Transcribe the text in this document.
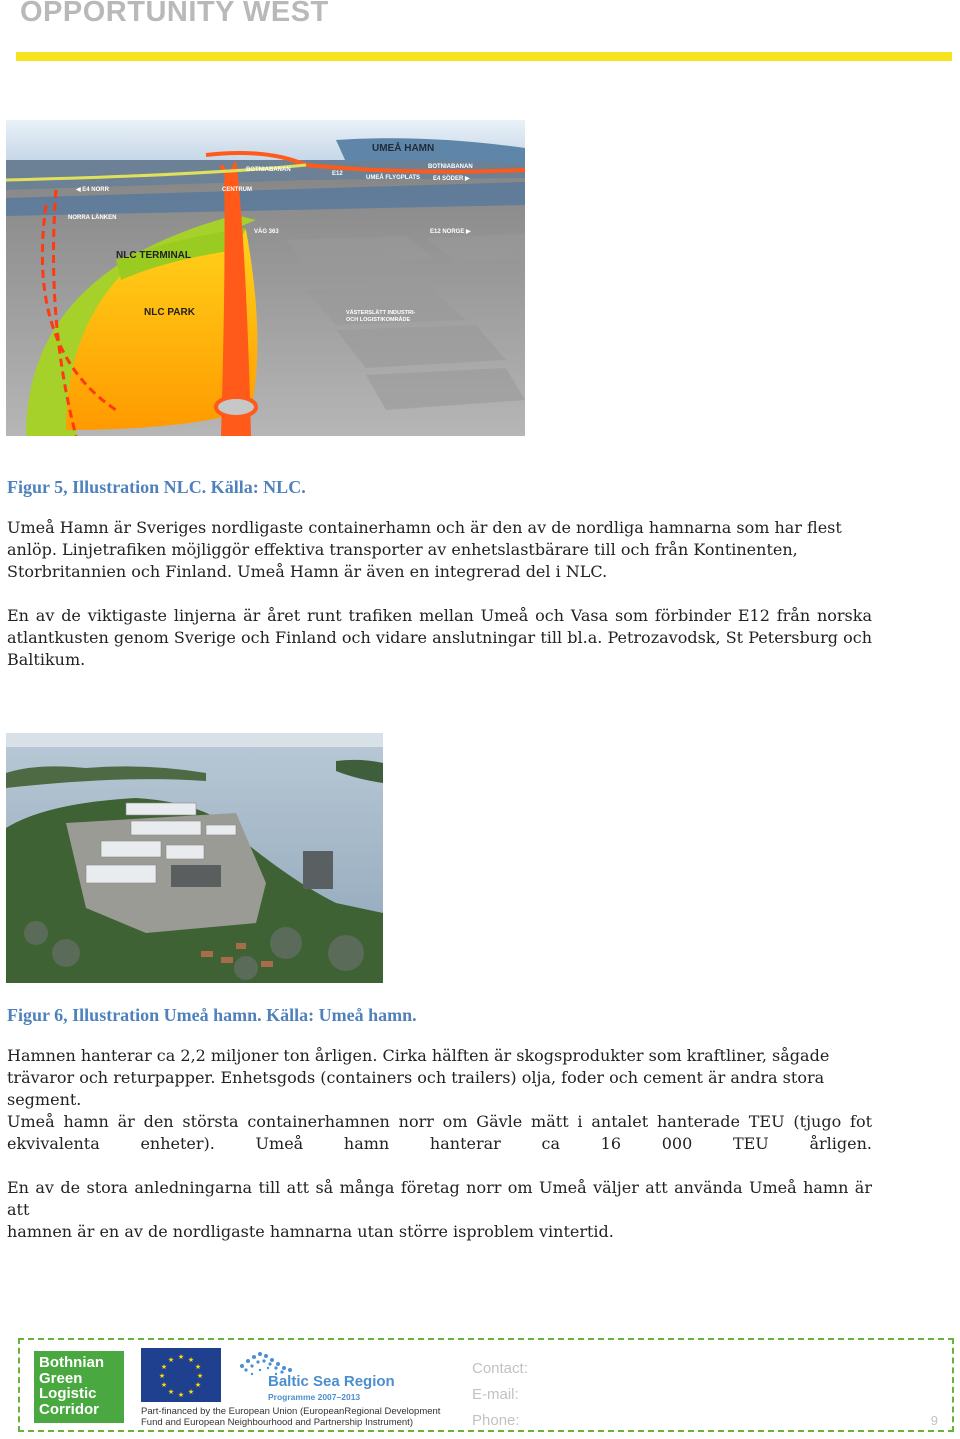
OPPORTUNITY WEST
UMEÅ HAMN
BOTNIABANAN	BOTNIABANAN
E12
◀ E4 NORR	CENTRUM
UMEÅ FLYGPLATS E4 SÖDER ▶
NORRA LÄNKEN
VÄG 363	E12 NORGE ▶
NLC TERMINAL
NLC PARK	VÄSTERSLÄTT INDUSTRI-
OCH LOGISTIKOMRÅDE
Figur 5, Illustration NLC. Källa: NLC.
Umeå Hamn är Sveriges nordligaste containerhamn och är den av de nordliga hamnarna som har flest
anlöp. Linjetrafiken möjliggör effektiva transporter av enhetslastbärare till och från Kontinenten,
Storbritannien och Finland. Umeå Hamn är även en integrerad del i NLC.
En av de viktigaste linjerna är året runt trafiken mellan Umeå och Vasa som förbinder E12 från norska
atlantkusten genom Sverige och Finland och vidare anslutningar till bl.a. Petrozavodsk, St Petersburg och
Baltikum.
Figur 6, Illustration Umeå hamn. Källa: Umeå hamn.
Hamnen hanterar ca 2,2 miljoner ton årligen. Cirka hälften är skogsprodukter som kraftliner, sågade
trävaror och returpapper. Enhetsgods (containers och trailers) olja, foder och cement är andra stora
segment.
Umeå hamn är den största containerhamnen norr om Gävle mätt i antalet hanterade TEU (tjugo fot
ekvivalenta enheter). Umeå hamn hanterar ca 16 000 TEU årligen.
En av de stora anledningarna till att så många företag norr om Umeå väljer att använda Umeå hamn är att
hamnen är en av de nordligaste hamnarna utan större isproblem vintertid.
Bothnian
Green
Logistic
Corridor
★ ★
★
★
★
★
★
★
★
★
★
★
Baltic Sea Region
Programme 2007–2013
Part-financed by the European Union (EuropeanRegional Development
Fund and European Neighbourhood and Partnership Instrument)
Contact:
E-mail:
Phone:	9
